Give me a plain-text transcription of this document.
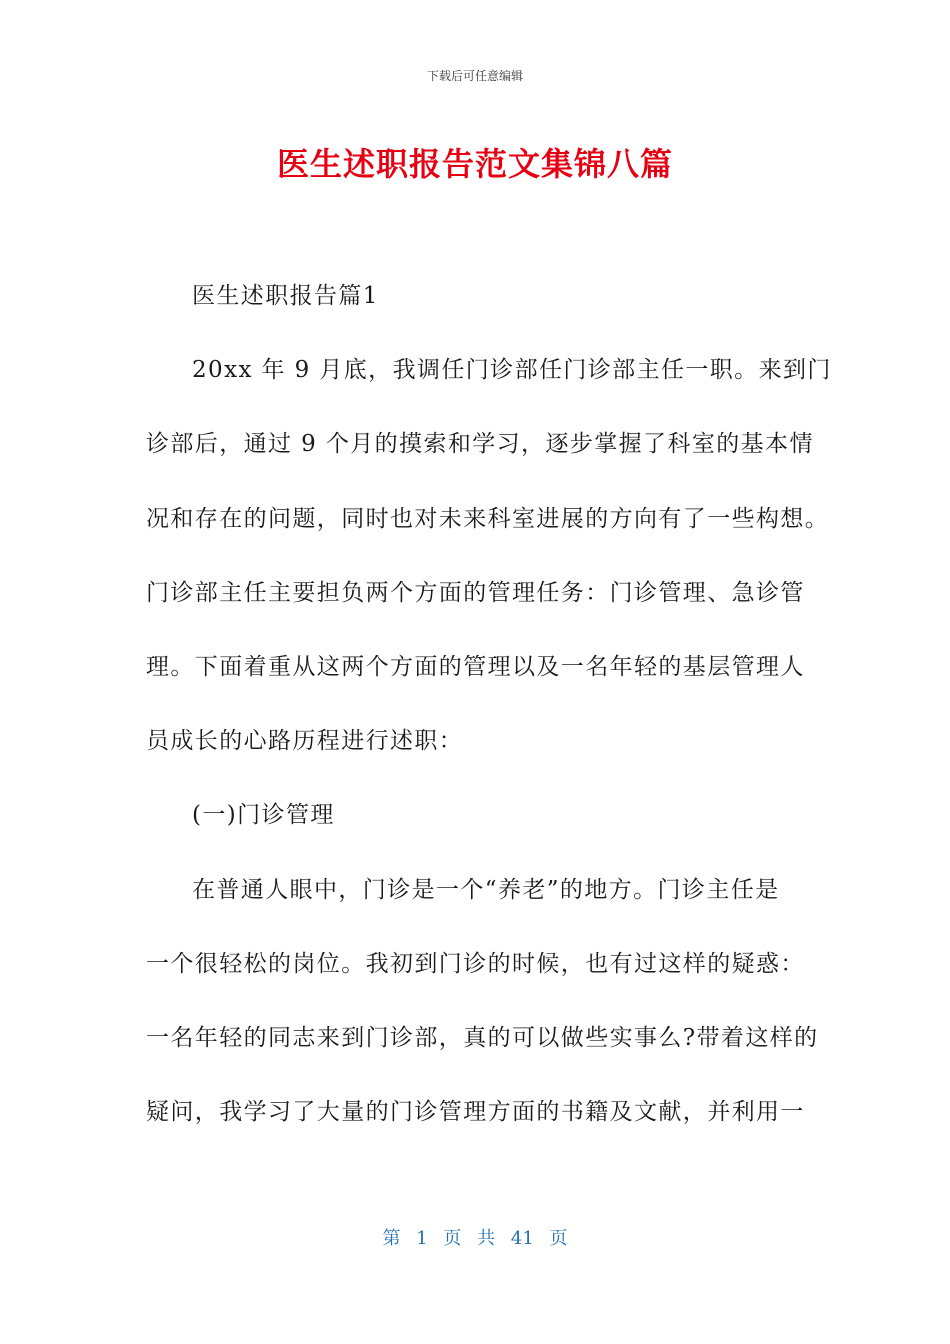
下载后可任意编辑
医生述职报告范文集锦八篇

医生述职报告篇1

20xx 年 9 月底，我调任门诊部任门诊部主任一职。来到门

诊部后，通过 9 个月的摸索和学习，逐步掌握了科室的基本情

况和存在的问题，同时也对未来科室进展的方向有了一些构想。

门诊部主任主要担负两个方面的管理任务：门诊管理、急诊管

理。下面着重从这两个方面的管理以及一名年轻的基层管理人

员成长的心路历程进行述职：

(一)门诊管理

在普通人眼中，门诊是一个“养老”的地方。门诊主任是

一个很轻松的岗位。我初到门诊的时候，也有过这样的疑惑：

一名年轻的同志来到门诊部，真的可以做些实事么?带着这样的

疑问，我学习了大量的门诊管理方面的书籍及文献，并利用一

第 1 页 共 41 页
